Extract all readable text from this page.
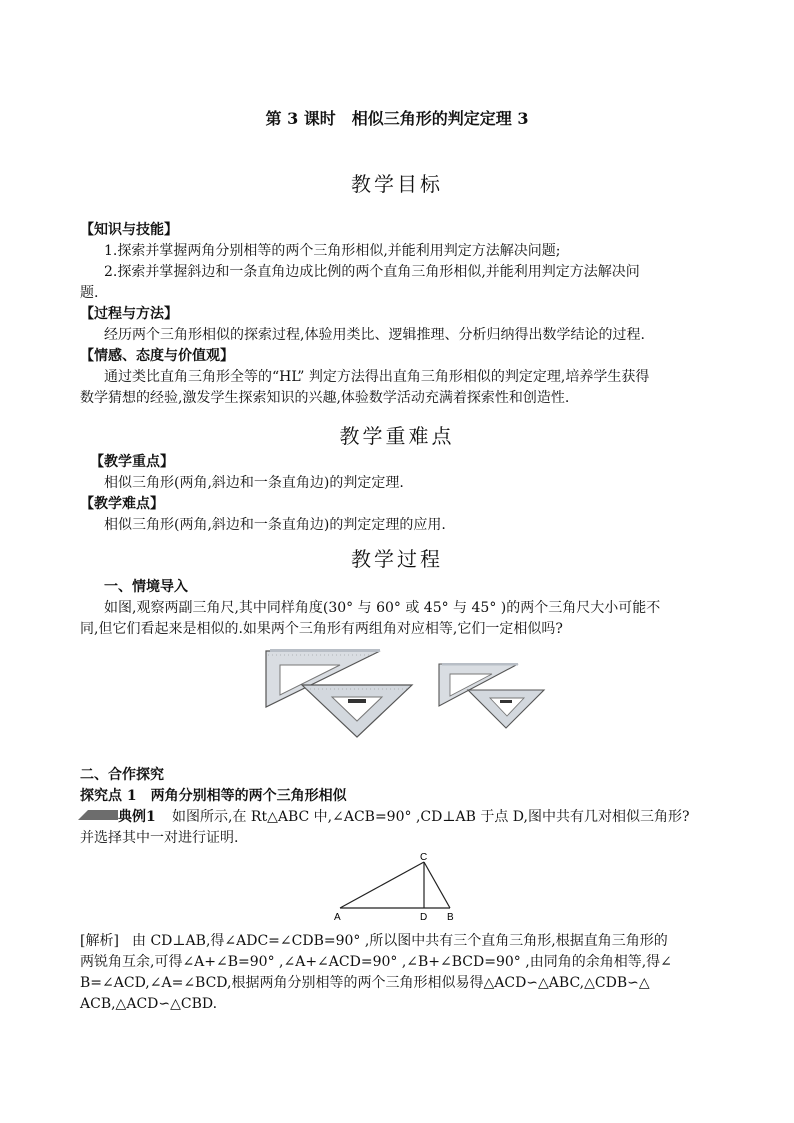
第 3 课时　相似三角形的判定定理 3
教学目标
【知识与技能】
1.探索并掌握两角分别相等的两个三角形相似,并能利用判定方法解决问题;
2.探索并掌握斜边和一条直角边成比例的两个直角三角形相似,并能利用判定方法解决问
题.
【过程与方法】
经历两个三角形相似的探索过程,体验用类比、逻辑推理、分析归纳得出数学结论的过程.
【情感、态度与价值观】
通过类比直角三角形全等的“HL” 判定方法得出直角三角形相似的判定定理,培养学生获得
数学猜想的经验,激发学生探索知识的兴趣,体验数学活动充满着探索性和创造性.
教学重难点
【教学重点】
相似三角形(两角,斜边和一条直角边)的判定定理.
【教学难点】
相似三角形(两角,斜边和一条直角边)的判定定理的应用.
教学过程
一、情境导入
如图,观察两副三角尺,其中同样角度(30° 与 60° 或 45° 与 45° )的两个三角尺大小可能不
同,但它们看起来是相似的.如果两个三角形有两组角对应相等,它们一定相似吗?
二、合作探究
探究点 1　两角分别相等的两个三角形相似
典例1 如图所示,在 Rt△ABC 中,∠ACB=90° ,CD⊥AB 于点 D,图中共有几对相似三角形?
并选择其中一对进行证明.
A	D B
C
[解析] 由 CD⊥AB,得∠ADC=∠CDB=90° ,所以图中共有三个直角三角形,根据直角三角形的
两锐角互余,可得∠A+∠B=90° ,∠A+∠ACD=90° ,∠B+∠BCD=90° ,由同角的余角相等,得∠
B=∠ACD,∠A=∠BCD,根据两角分别相等的两个三角形相似易得△ACD∽△ABC,△CDB∽△
ACB,△ACD∽△CBD.
